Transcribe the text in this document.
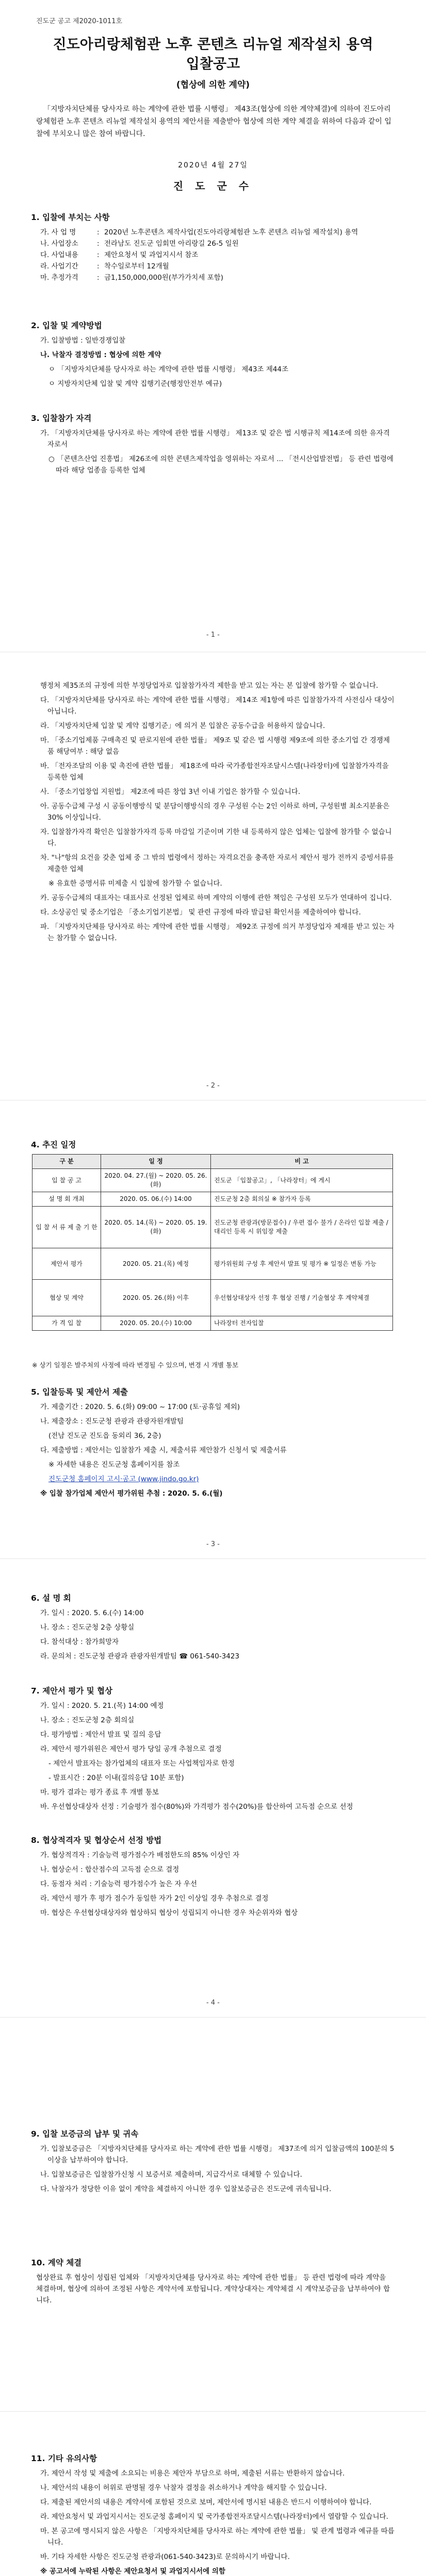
진도군 공고 제2020-1011호
진도아리랑체험관 노후 콘텐츠 리뉴얼 제작설치 용역
입찰공고
(협상에 의한 계약)
「지방자치단체를 당사자로 하는 계약에 관한 법률 시행령」 제43조(협상에 의한 계약체결)에 의하여 진도아리랑체험관 노후 콘텐츠 리뉴얼 제작설치 용역의 제안서를 제출받아 협상에 의한 계약 체결을 위하여 다음과 같이 입찰에 부치오니 많은 참여 바랍니다.
2020년 4월 27일
진 도 군 수
1. 입찰에 부치는 사항
가. 사 업 명	: 2020년 노후콘텐츠 제작사업(진도아리랑체험관 노후 콘텐츠 리뉴얼 제작설치) 용역
나. 사업장소	: 전라남도 진도군 임회면 아리랑길 26-5 일원
다. 사업내용	: 제안요청서 및 과업지시서 참조
라. 사업기간	: 착수일로부터 12개월
마. 추정가격	: 금1,150,000,000원(부가가치세 포함)
2. 입찰 및 계약방법

가. 입찰방법 : 일반경쟁입찰

나. 낙찰자 결정방법 : 협상에 의한 계약

ㅇ 「지방자치단체를 당사자로 하는 계약에 관한 법률 시행령」 제43조 제44조

ㅇ 지방자치단체 입찰 및 계약 집행기준(행정안전부 예규)

3. 입찰참가 자격

가. 「지방자치단체를 당사자로 하는 계약에 관한 법률 시행령」 제13조 및 같은 법 시행규칙 제14조에 의한 유자격자로서

○ 「콘텐츠산업 진흥법」 제26조에 의한 콘텐츠제작업을 영위하는 자로서 ... 「전시산업발전법」 등 관련 법령에 따라 해당 업종을 등록한 업체

- 1 -

행정처 제35조의 규정에 의한 부정당업자로 입찰참가자격 제한을 받고 있는 자는 본 입찰에 참가할 수 없습니다.

다. 「지방자치단체를 당사자로 하는 계약에 관한 법률 시행령」 제14조 제1항에 따른 입찰참가자격 사전심사 대상이 아닙니다.

라. 「지방자치단체 입찰 및 계약 집행기준」에 의거 본 입찰은 공동수급을 허용하지 않습니다.

마. 「중소기업제품 구매촉진 및 판로지원에 관한 법률」 제9조 및 같은 법 시행령 제9조에 의한 중소기업 간 경쟁제품 해당여부 : 해당 없음

바. 「전자조달의 이용 및 촉진에 관한 법률」 제18조에 따라 국가종합전자조달시스템(나라장터)에 입찰참가자격을 등록한 업체

사. 「중소기업창업 지원법」 제2조에 따른 창업 3년 이내 기업은 참가할 수 있습니다.

아. 공동수급체 구성 시 공동이행방식 및 분담이행방식의 경우 구성원 수는 2인 이하로 하며, 구성원별 최소지분율은 30% 이상입니다.

자. 입찰참가자격 확인은 입찰참가자격 등록 마감일 기준이며 기한 내 등록하지 않은 업체는 입찰에 참가할 수 없습니다.

차. "나"항의 요건을 갖춘 업체 중 그 밖의 법령에서 정하는 자격요건을 충족한 자로서 제안서 평가 전까지 증빙서류를 제출한 업체

※ 유효한 증명서류 미제출 시 입찰에 참가할 수 없습니다.

카. 공동수급체의 대표자는 대표사로 선정된 업체로 하며 계약의 이행에 관한 책임은 구성원 모두가 연대하여 집니다.

타. 소상공인 및 중소기업은 「중소기업기본법」 및 관련 규정에 따라 발급된 확인서를 제출하여야 합니다.

파. 「지방자치단체를 당사자로 하는 계약에 관한 법률 시행령」 제92조 규정에 의거 부정당업자 제재를 받고 있는 자는 참가할 수 없습니다.

- 2 -
4. 추진 일정
구 분	일 정	비 고
입 찰 공 고	2020. 04. 27.(월) ~ 2020. 05. 26.(화)	진도군 「입찰공고」, 「나라장터」에 게시
설 명 회 개최	2020. 05. 06.(수) 14:00	진도군청 2층 회의실 ※ 참가자 등록
입 찰 서 류 제 출 기 한	2020. 05. 14.(목) ~ 2020. 05. 19.(화)	진도군청 관광과(방문접수) / 우편 접수 불가 / 온라인 입찰 제출 / 대리인 등록 시 위임장 제출
제안서 평가	2020. 05. 21.(목) 예정	평가위원회 구성 후 제안서 발표 및 평가 ※ 일정은 변동 가능
협상 및 계약	2020. 05. 26.(화) 이후	우선협상대상자 선정 후 협상 진행 / 기술협상 후 계약체결
가 격 입 찰	2020. 05. 20.(수) 10:00	나라장터 전자입찰
※ 상기 일정은 발주처의 사정에 따라 변경될 수 있으며, 변경 시 개별 통보
5. 입찰등록 및 제안서 제출

가. 제출기간 : 2020. 5. 6.(화) 09:00 ~ 17:00 (토·공휴일 제외)

나. 제출장소 : 진도군청 관광과 관광자원개발팀

(전남 진도군 진도읍 동외리 36, 2층)

다. 제출방법 : 제안서는 입찰참가 제출 시, 제출서류 제안참가 신청서 및 제출서류

※ 자세한 내용은 진도군청 홈페이지를 참조

진도군청 홈페이지 고시·공고 (www.jindo.go.kr)

※ 입찰 참가업체 제안서 평가위원 추첨 : 2020. 5. 6.(월)

- 3 -
6. 설 명 회

가. 일시 : 2020. 5. 6.(수) 14:00

나. 장소 : 진도군청 2층 상황실

다. 참석대상 : 참가희망자

라. 문의처 : 진도군청 관광과 관광자원개발팀 ☎ 061-540-3423

7. 제안서 평가 및 협상

가. 일시 : 2020. 5. 21.(목) 14:00 예정

나. 장소 : 진도군청 2층 회의실

다. 평가방법 : 제안서 발표 및 질의 응답

라. 제안서 평가위원은 제안서 평가 당일 공개 추첨으로 결정

- 제안서 발표자는 참가업체의 대표자 또는 사업책임자로 한정

- 발표시간 : 20분 이내(질의응답 10분 포함)

마. 평가 결과는 평가 종료 후 개별 통보

바. 우선협상대상자 선정 : 기술평가 점수(80%)와 가격평가 점수(20%)를 합산하여 고득점 순으로 선정

8. 협상적격자 및 협상순서 선정 방법

가. 협상적격자 : 기술능력 평가점수가 배점한도의 85% 이상인 자

나. 협상순서 : 합산점수의 고득점 순으로 결정

다. 동점자 처리 : 기술능력 평가점수가 높은 자 우선

라. 제안서 평가 후 평가 점수가 동일한 자가 2인 이상일 경우 추첨으로 결정

마. 협상은 우선협상대상자와 협상하되 협상이 성립되지 아니한 경우 차순위자와 협상

- 4 -
9. 입찰 보증금의 납부 및 귀속

가. 입찰보증금은 「지방자치단체를 당사자로 하는 계약에 관한 법률 시행령」 제37조에 의거 입찰금액의 100분의 5 이상을 납부하여야 합니다.

나. 입찰보증금은 입찰참가신청 시 보증서로 제출하며, 지급각서로 대체할 수 있습니다.

다. 낙찰자가 정당한 이유 없이 계약을 체결하지 아니한 경우 입찰보증금은 진도군에 귀속됩니다.

10. 계약 체결

협상완료 후 협상이 성립된 업체와 「지방자치단체를 당사자로 하는 계약에 관한 법률」 등 관련 법령에 따라 계약을 체결하며, 협상에 의하여 조정된 사항은 계약서에 포함됩니다. 계약상대자는 계약체결 시 계약보증금을 납부하여야 합니다.

11. 기타 유의사항

가. 제안서 작성 및 제출에 소요되는 비용은 제안자 부담으로 하며, 제출된 서류는 반환하지 않습니다.

나. 제안서의 내용이 허위로 판명될 경우 낙찰자 결정을 취소하거나 계약을 해지할 수 있습니다.

다. 제출된 제안서의 내용은 계약서에 포함된 것으로 보며, 제안서에 명시된 내용은 반드시 이행하여야 합니다.

라. 제안요청서 및 과업지시서는 진도군청 홈페이지 및 국가종합전자조달시스템(나라장터)에서 열람할 수 있습니다.

마. 본 공고에 명시되지 않은 사항은 「지방자치단체를 당사자로 하는 계약에 관한 법률」 및 관계 법령과 예규를 따릅니다.

바. 기타 자세한 사항은 진도군청 관광과(061-540-3423)로 문의하시기 바랍니다.

※ 공고서에 누락된 사항은 제안요청서 및 과업지시서에 의함
